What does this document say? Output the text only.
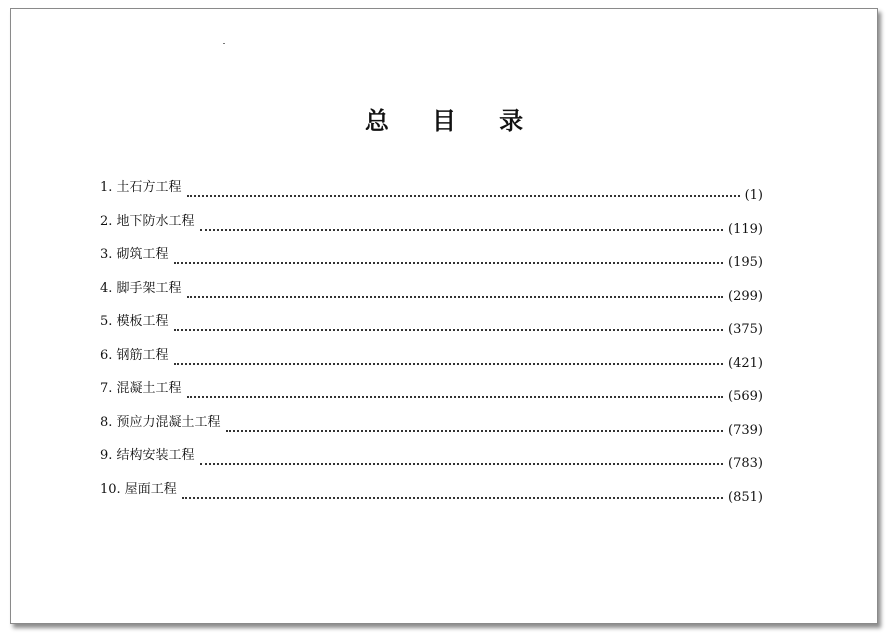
总 目 录
1. 土石方工程
(1)
2. 地下防水工程
(119)
3. 砌筑工程
(195)
4. 脚手架工程
(299)
5. 模板工程
(375)
6. 钢筋工程
(421)
7. 混凝土工程
(569)
8. 预应力混凝土工程
(739)
9. 结构安装工程
(783)
10. 屋面工程
(851)
